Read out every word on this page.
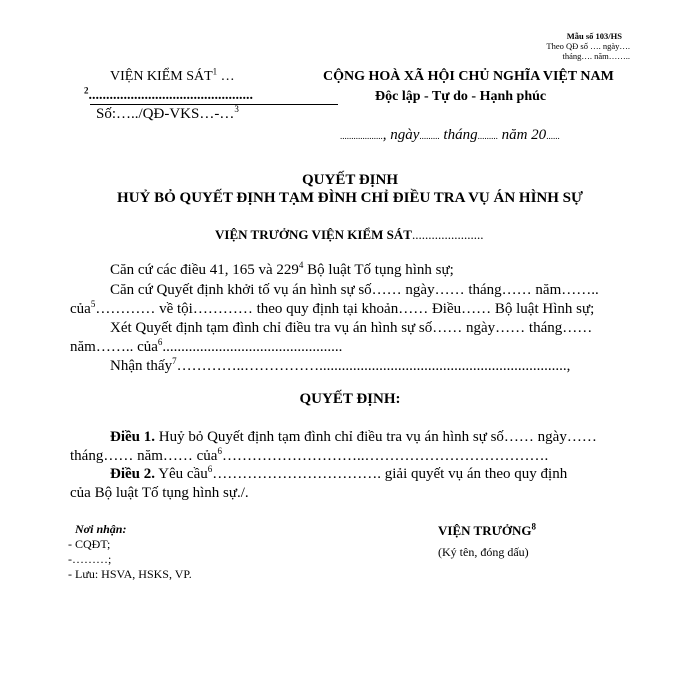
Mẫu số 103/HS
Theo QĐ số …. ngày….
tháng…. năm……..
VIỆN KIỂM SÁT$^1$ …
$^2$...............................................
Số:…../QĐ-VKS…-…$^3$
CỘNG HOÀ XÃ HỘI CHỦ NGHĨA VIỆT NAM
Độc lập - Tự do - Hạnh phúc
..................., ngày......... tháng......... năm 20......
QUYẾT ĐỊNH
HUỶ BỎ QUYẾT ĐỊNH TẠM ĐÌNH CHỈ ĐIỀU TRA VỤ ÁN HÌNH SỰ
VIỆN TRƯỞNG VIỆN KIỂM SÁT......................
Căn cứ các điều 41, 165 và $229^4$ Bộ luật Tố tụng hình sự;
Căn cứ Quyết định khởi tố vụ án hình sự số…… ngày…… tháng…… năm……..
của$^5$………… về tội………… theo quy định tại khoản…… Điều…… Bộ luật Hình sự;
Xét Quyết định tạm đình chỉ điều tra vụ án hình sự số…… ngày…… tháng……
năm…….. của$^6$................................................
Nhận thấy$^7$…………..……………..................................................................,
QUYẾT ĐỊNH:
Điều 1. Huỷ bỏ Quyết định tạm đình chỉ điều tra vụ án hình sự số…… ngày……
tháng…… năm…… của$^6$………………………..……………………………….
Điều 2. Yêu cầu$^6$……………………………. giải quyết vụ án theo quy định
của Bộ luật Tố tụng hình sự./.
Nơi nhận:
- CQĐT;
-………;
- Lưu: HSVA, HSKS, VP.
VIỆN TRƯỞNG$^8$
(Ký tên, đóng dấu)
